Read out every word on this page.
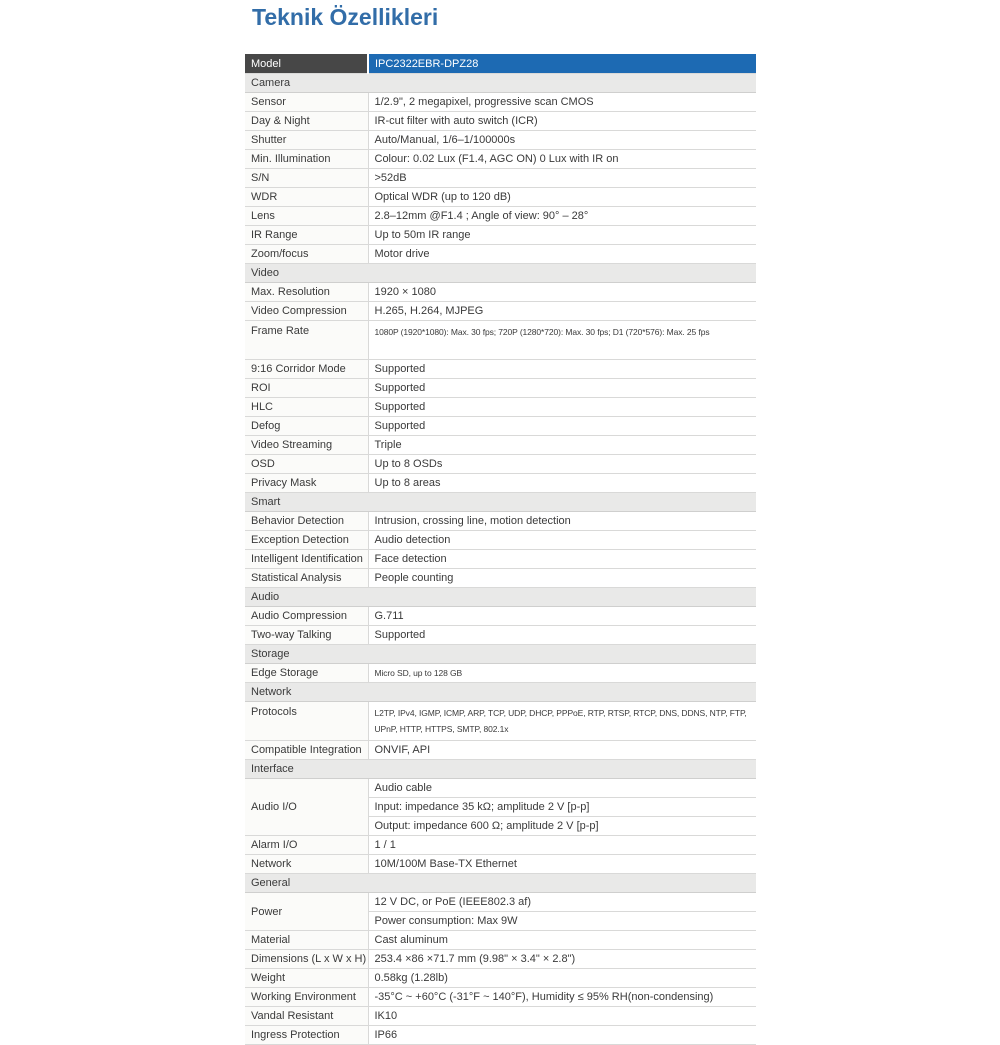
Teknik Özellikleri
Model	IPC2322EBR-DPZ28
Camera	
Sensor	1/2.9", 2 megapixel, progressive scan CMOS
Day & Night	IR-cut filter with auto switch (ICR)
Shutter	Auto/Manual, 1/6–1/100000s
Min. Illumination	Colour: 0.02 Lux (F1.4, AGC ON) 0 Lux with IR on
S/N	>52dB
WDR	Optical WDR (up to 120 dB)
Lens	2.8–12mm @F1.4 ; Angle of view: 90° – 28°
IR Range	Up to 50m IR range
Zoom/focus	Motor drive
Video	
Max. Resolution	1920 × 1080
Video Compression	H.265, H.264, MJPEG
Frame Rate	1080P (1920*1080): Max. 30 fps; 720P (1280*720): Max. 30 fps; D1 (720*576): Max. 25 fps
9:16 Corridor Mode	Supported
ROI	Supported
HLC	Supported
Defog	Supported
Video Streaming	Triple
OSD	Up to 8 OSDs
Privacy Mask	Up to 8 areas
Smart	
Behavior Detection	Intrusion, crossing line, motion detection
Exception Detection	Audio detection
Intelligent Identification	Face detection
Statistical Analysis	People counting
Audio	
Audio Compression	G.711
Two-way Talking	Supported
Storage	
Edge Storage	Micro SD, up to 128 GB
Network	
Protocols	L2TP, IPv4, IGMP, ICMP, ARP, TCP, UDP, DHCP, PPPoE, RTP, RTSP, RTCP, DNS, DDNS, NTP, FTP, UPnP, HTTP, HTTPS, SMTP, 802.1x
Compatible Integration	ONVIF, API
Interface	
Audio I/O	Audio cable
	Input: impedance 35 kΩ; amplitude 2 V [p-p]
	Output: impedance 600 Ω; amplitude 2 V [p-p]
Alarm I/O	1 / 1
Network	10M/100M Base-TX Ethernet
General	
Power	12 V DC, or PoE (IEEE802.3 af)
	Power consumption: Max 9W
Material	Cast aluminum
Dimensions (L x W x H)	253.4 ×86 ×71.7 mm (9.98" × 3.4" × 2.8")
Weight	0.58kg (1.28lb)
Working Environment	-35°C ~ +60°C (-31°F ~ 140°F), Humidity ≤ 95% RH(non-condensing)
Vandal Resistant	IK10
Ingress Protection	IP66
